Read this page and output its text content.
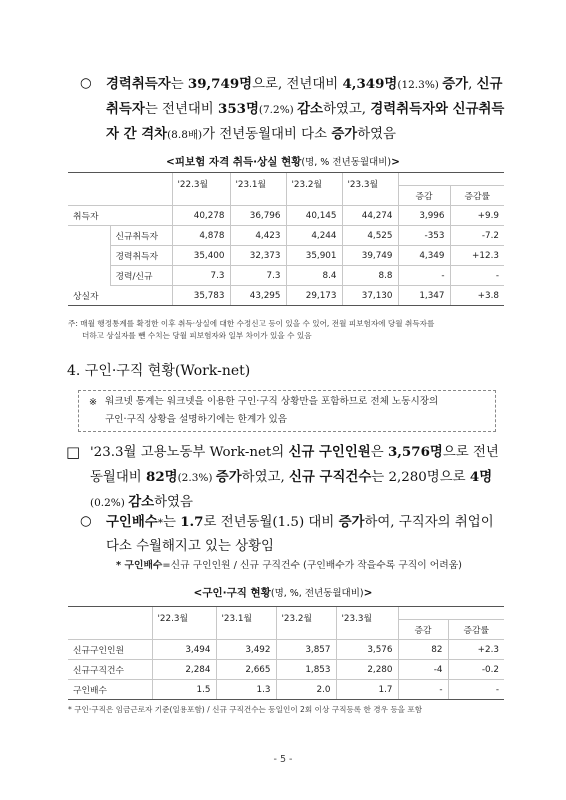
○ 경력취득자는 39,749명으로, 전년대비 4,349명(12.3%) 증가, 신규취득자는 전년대비 353명(7.2%) 감소하였고, 경력취득자와 신규취득자 간 격차(8.8배)가 전년동월대비 다소 증가하였음
<피보험 자격 취득·상실 현황(명, % 전년동월대비)>
		'22.3월	'23.1월	'23.2월	'23.3월		
						증감	증감률
취득자		40,278	36,796	40,145	44,274	3,996	+9.9
	신규취득자	4,878	4,423	4,244	4,525	-353	-7.2
	경력취득자	35,400	32,373	35,901	39,749	4,349	+12.3
	경력/신규	7.3	7.3	8.4	8.8	-	-
상실자		35,783	43,295	29,173	37,130	1,347	+3.8
주: 매월 행정통계를 확정한 이후 취득·상실에 대한 수정신고 등이 있을 수 있어, 전월 피보험자에 당월 취득자를
더하고 상실자를 뺀 수치는 당월 피보험자와 일부 차이가 있을 수 있음
4. 구인·구직 현황(Work-net)
※ 워크넷 통계는 워크넷을 이용한 구인·구직 상황만을 포함하므로 전체 노동시장의
구인·구직 상황을 설명하기에는 한계가 있음
□ '23.3월 고용노동부 Work-net의 신규 구인인원은 3,576명으로 전년동월대비 82명(2.3%) 증가하였고, 신규 구직건수는 2,280명으로 4명(0.2%) 감소하였음
○ 구인배수*는 1.7로 전년동월(1.5) 대비 증가하여, 구직자의 취업이 다소 수월해지고 있는 상황임
* 구인배수=신규 구인인원 / 신규 구직건수 (구인배수가 작을수록 구직이 어려움)
<구인·구직 현황(명, %, 전년동월대비)>
	'22.3월	'23.1월	'23.2월	'23.3월		
					증감	증감률
신규구인인원	3,494	3,492	3,857	3,576	82	+2.3
신규구직건수	2,284	2,665	1,853	2,280	-4	-0.2
구인배수	1.5	1.3	2.0	1.7	-	-
* 구인·구직은 임금근로자 기준(일용포함) / 신규 구직건수는 동일인이 2회 이상 구직등록 한 경우 등을 포함
- 5 -
